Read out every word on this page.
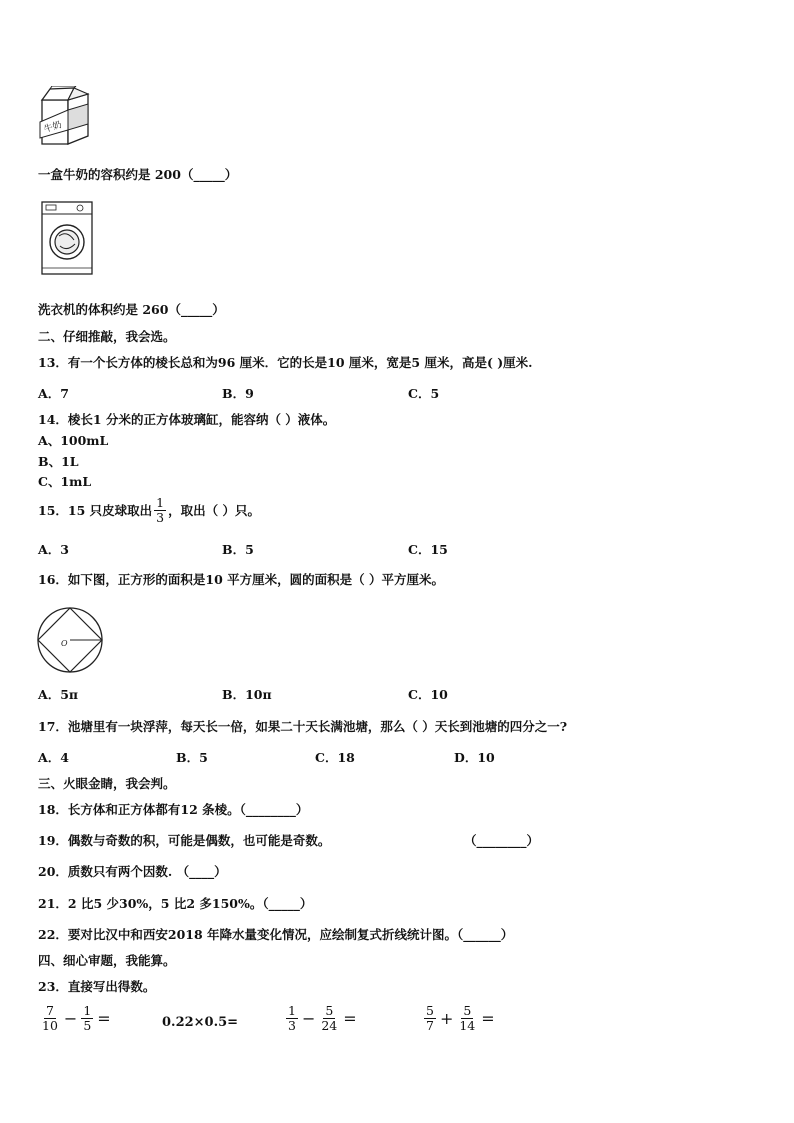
牛奶
一盒牛奶的容积约是 200（_____）
洗衣机的体积约是 260（_____）
二、仔细推敲，我会选。
13．有一个长方体的棱长总和为96 厘米．它的长是10 厘米，宽是5 厘米，高是( )厘米.
A．7	B．9	C．5
14．棱长1 分米的正方体玻璃缸，能容纳（ ）液体。
A、100mL
B、1L
C、1mL
15．15 只皮球取出 $\frac{1}{3}$ ，取出（ ）只。
A．3	B．5	C．15
16．如下图，正方形的面积是10 平方厘米，圆的面积是（ ）平方厘米。
O
A．5π	B．10π	C．10
17．池塘里有一块浮萍，每天长一倍，如果二十天长满池塘，那么（ ）天长到池塘的四分之一?
A．4	B．5	C．18	D．10
三、火眼金睛，我会判。
18．长方体和正方体都有12 条棱。（________）
19．偶数与奇数的积，可能是偶数，也可能是奇数。	（________）
20．质数只有两个因数. （____）
21．2 比5 少30%，5 比2 多150%。（_____）
22．要对比汉中和西安2018 年降水量变化情况，应绘制复式折线统计图。（______）
四、细心审题，我能算。
23．直接写出得数。
$\frac{7}{10} - \frac{1}{5}$ =	0.22×0.5=	$\frac{1}{3} - \frac{5}{24}$ =	$\frac{5}{7} + \frac{5}{14}$ =
